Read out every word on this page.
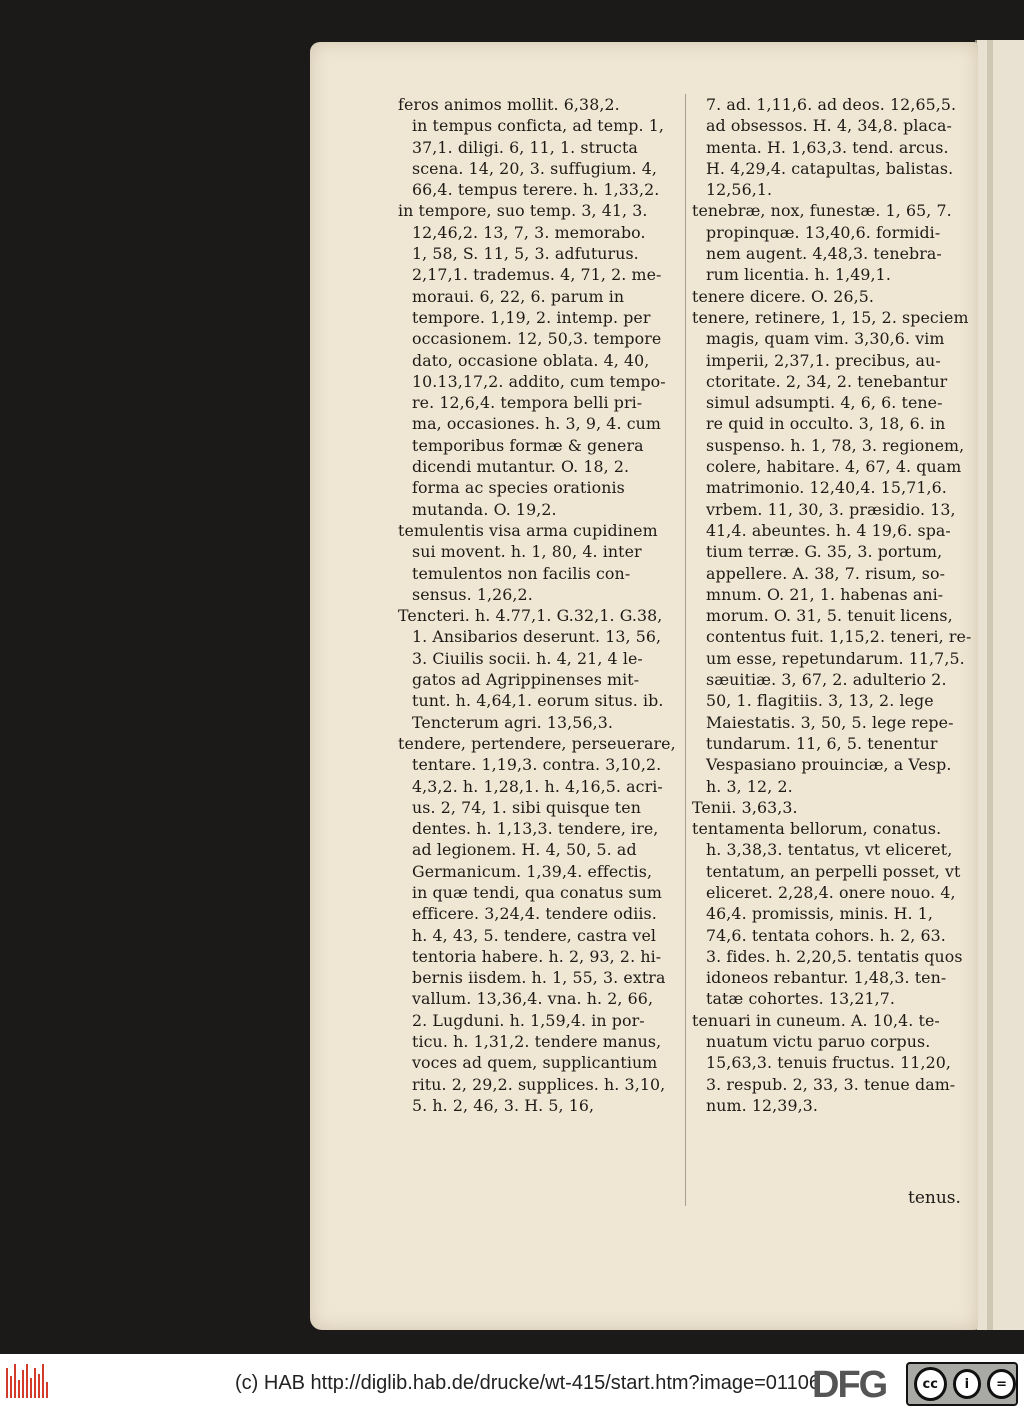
feros animos mollit. 6,38,2.
in tempus conficta, ad temp. 1,
37,1. diligi. 6, 11, 1. structa
scena. 14, 20, 3. suffugium. 4,
66,4. tempus terere. h. 1,33,2.
in tempore, suo temp. 3, 41, 3.
12,46,2. 13, 7, 3. memorabo.
1, 58, S. 11, 5, 3. adfuturus.
2,17,1. trademus. 4, 71, 2. me-
moraui. 6, 22, 6. parum in
tempore. 1,19, 2. intemp. per
occasionem. 12, 50,3. tempore
dato, occasione oblata. 4, 40,
10.13,17,2. addito, cum tempo-
re. 12,6,4. tempora belli pri-
ma, occasiones. h. 3, 9, 4. cum
temporibus formæ & genera
dicendi mutantur. O. 18, 2.
forma ac species orationis
mutanda. O. 19,2.
temulentis visa arma cupidinem
sui movent. h. 1, 80, 4. inter
temulentos non facilis con-
sensus. 1,26,2.
Tencteri. h. 4.77,1. G.32,1. G.38,
1. Ansibarios deserunt. 13, 56,
3. Ciuilis socii. h. 4, 21, 4 le-
gatos ad Agrippinenses mit-
tunt. h. 4,64,1. eorum situs. ib.
Tencterum agri. 13,56,3.
tendere, pertendere, perseuerare,
tentare. 1,19,3. contra. 3,10,2.
4,3,2. h. 1,28,1. h. 4,16,5. acri-
us. 2, 74, 1. sibi quisque ten
dentes. h. 1,13,3. tendere, ire,
ad legionem. H. 4, 50, 5. ad
Germanicum. 1,39,4. effectis,
in quæ tendi, qua conatus sum
efficere. 3,24,4. tendere odiis.
h. 4, 43, 5. tendere, castra vel
tentoria habere. h. 2, 93, 2. hi-
bernis iisdem. h. 1, 55, 3. extra
vallum. 13,36,4. vna. h. 2, 66,
2. Lugduni. h. 1,59,4. in por-
ticu. h. 1,31,2. tendere manus,
voces ad quem, supplicantium
ritu. 2, 29,2. supplices. h. 3,10,
5. h. 2, 46, 3. H. 5, 16,
7. ad. 1,11,6. ad deos. 12,65,5.
ad obsessos. H. 4, 34,8. placa-
menta. H. 1,63,3. tend. arcus.
H. 4,29,4. catapultas, balistas.
12,56,1.
tenebræ, nox, funestæ. 1, 65, 7.
propinquæ. 13,40,6. formidi-
nem augent. 4,48,3. tenebra-
rum licentia. h. 1,49,1.
tenere dicere. O. 26,5.
tenere, retinere, 1, 15, 2. speciem
magis, quam vim. 3,30,6. vim
imperii, 2,37,1. precibus, au-
ctoritate. 2, 34, 2. tenebantur
simul adsumpti. 4, 6, 6. tene-
re quid in occulto. 3, 18, 6. in
suspenso. h. 1, 78, 3. regionem,
colere, habitare. 4, 67, 4. quam
matrimonio. 12,40,4. 15,71,6.
vrbem. 11, 30, 3. præsidio. 13,
41,4. abeuntes. h. 4 19,6. spa-
tium terræ. G. 35, 3. portum,
appellere. A. 38, 7. risum, so-
mnum. O. 21, 1. habenas ani-
morum. O. 31, 5. tenuit licens,
contentus fuit. 1,15,2. teneri, re-
um esse, repetundarum. 11,7,5.
sæuitiæ. 3, 67, 2. adulterio 2.
50, 1. flagitiis. 3, 13, 2. lege
Maiestatis. 3, 50, 5. lege repe-
tundarum. 11, 6, 5. tenentur
Vespasiano prouinciæ, a Vesp.
h. 3, 12, 2.
Tenii. 3,63,3.
tentamenta bellorum, conatus.
h. 3,38,3. tentatus, vt eliceret,
tentatum, an perpelli posset, vt
eliceret. 2,28,4. onere nouo. 4,
46,4. promissis, minis. H. 1,
74,6. tentata cohors. h. 2, 63.
3. fides. h. 2,20,5. tentatis quos
idoneos rebantur. 1,48,3. ten-
tatæ cohortes. 13,21,7.
tenuari in cuneum. A. 10,4. te-
nuatum victu paruo corpus.
15,63,3. tenuis fructus. 11,20,
3. respub. 2, 33, 3. tenue dam-
num. 12,39,3.
tenus.
(c) HAB http://diglib.hab.de/drucke/wt-415/start.htm?image=01106
DFG	cc	i	=
